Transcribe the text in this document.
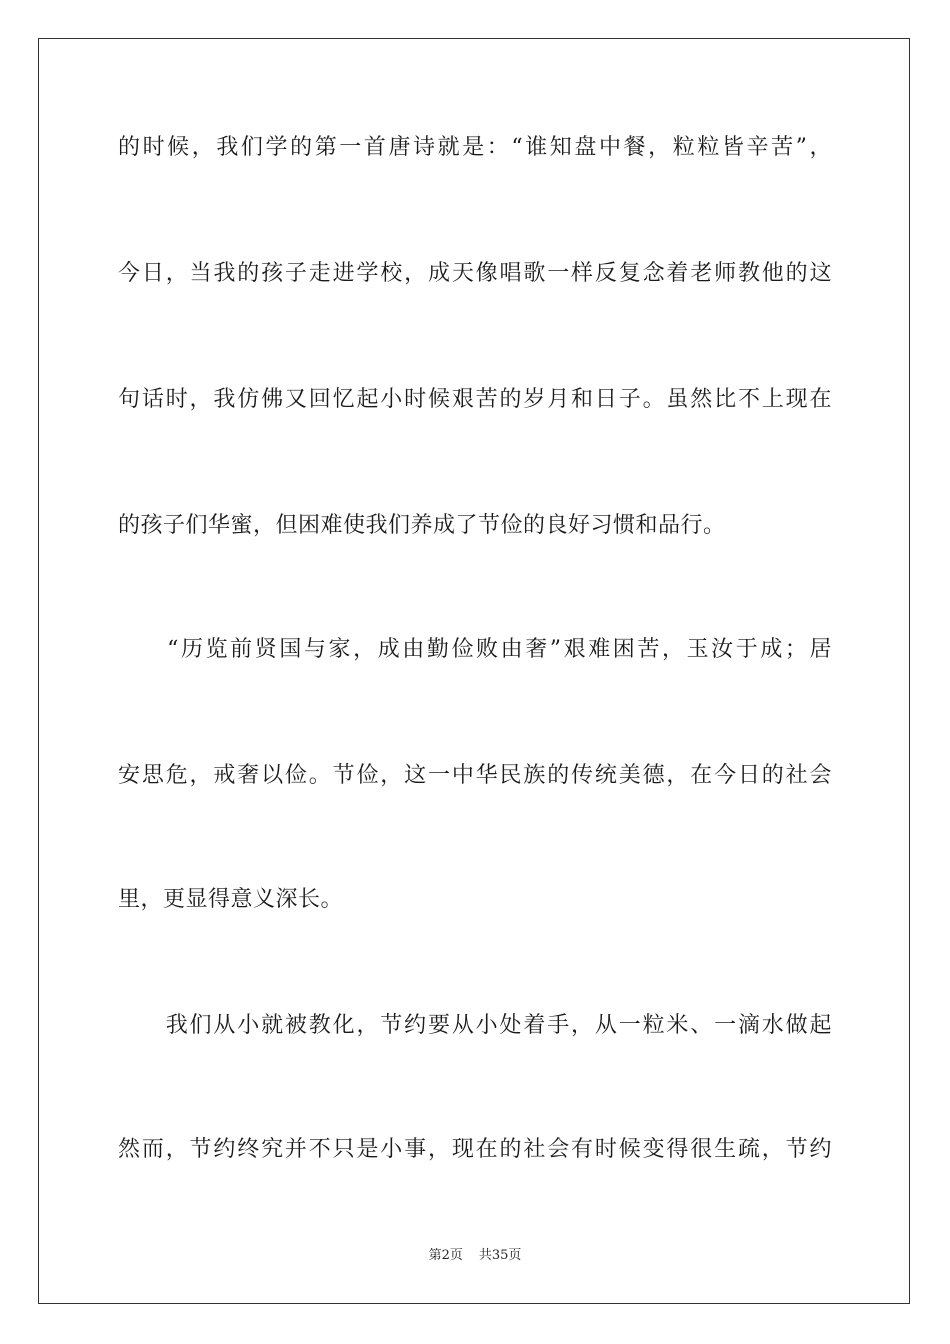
的时候，我们学的第一首唐诗就是：“谁知盘中餐，粒粒皆辛苦”，
今日，当我的孩子走进学校，成天像唱歌一样反复念着老师教他的这
句话时，我仿佛又回忆起小时候艰苦的岁月和日子。虽然比不上现在
的孩子们华蜜，但困难使我们养成了节俭的良好习惯和品行。
　　“历览前贤国与家，成由勤俭败由奢”艰难困苦，玉汝于成；居
安思危，戒奢以俭。节俭，这一中华民族的传统美德，在今日的社会
里，更显得意义深长。
　　我们从小就被教化，节约要从小处着手，从一粒米、一滴水做起
然而，节约终究并不只是小事，现在的社会有时候变得很生疏，节约
第2页 共35页
